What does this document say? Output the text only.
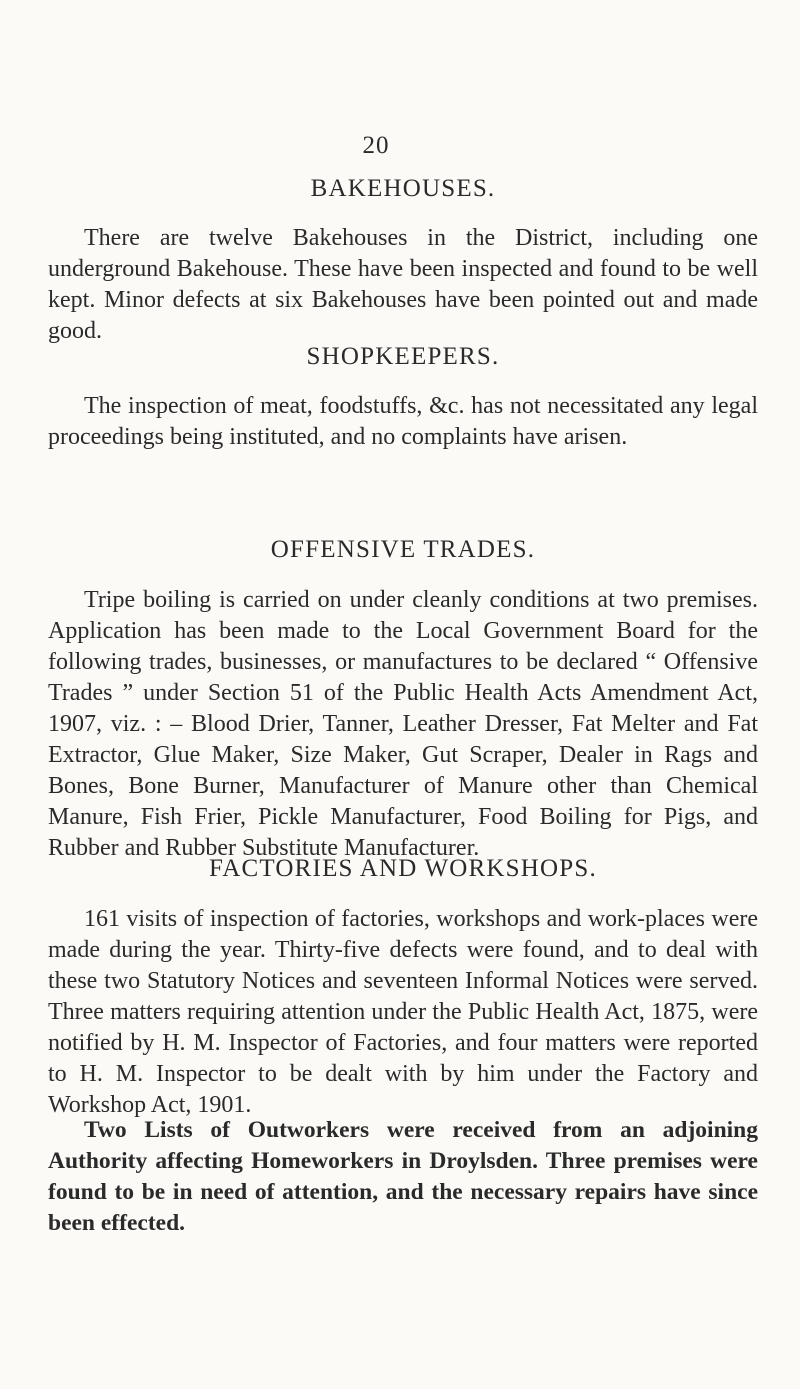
20
BAKEHOUSES.

There are twelve Bakehouses in the District, including one underground Bakehouse. These have been inspected and found to be well kept. Minor defects at six Bakehouses have been pointed out and made good.

SHOPKEEPERS.

The inspection of meat, foodstuffs, &c. has not necessitated any legal proceedings being instituted, and no complaints have arisen.

OFFENSIVE TRADES.

Tripe boiling is carried on under cleanly conditions at two premises. Application has been made to the Local Government Board for the following trades, businesses, or manufactures to be declared “ Offensive Trades ” under Section 51 of the Public Health Acts Amendment Act, 1907, viz. : – Blood Drier, Tanner, Leather Dresser, Fat Melter and Fat Extractor, Glue Maker, Size Maker, Gut Scraper, Dealer in Rags and Bones, Bone Burner, Manufacturer of Manure other than Chemical Manure, Fish Frier, Pickle Manufacturer, Food Boiling for Pigs, and Rubber and Rubber Substitute Manufacturer.

FACTORIES AND WORKSHOPS.

161 visits of inspection of factories, workshops and work-places were made during the year. Thirty-five defects were found, and to deal with these two Statutory Notices and seventeen Informal Notices were served. Three matters requiring attention under the Public Health Act, 1875, were notified by H. M. Inspector of Factories, and four matters were reported to H. M. Inspector to be dealt with by him under the Factory and Workshop Act, 1901.

Two Lists of Outworkers were received from an adjoining Authority affecting Homeworkers in Droylsden. Three premises were found to be in need of attention, and the necessary repairs have since been effected.
